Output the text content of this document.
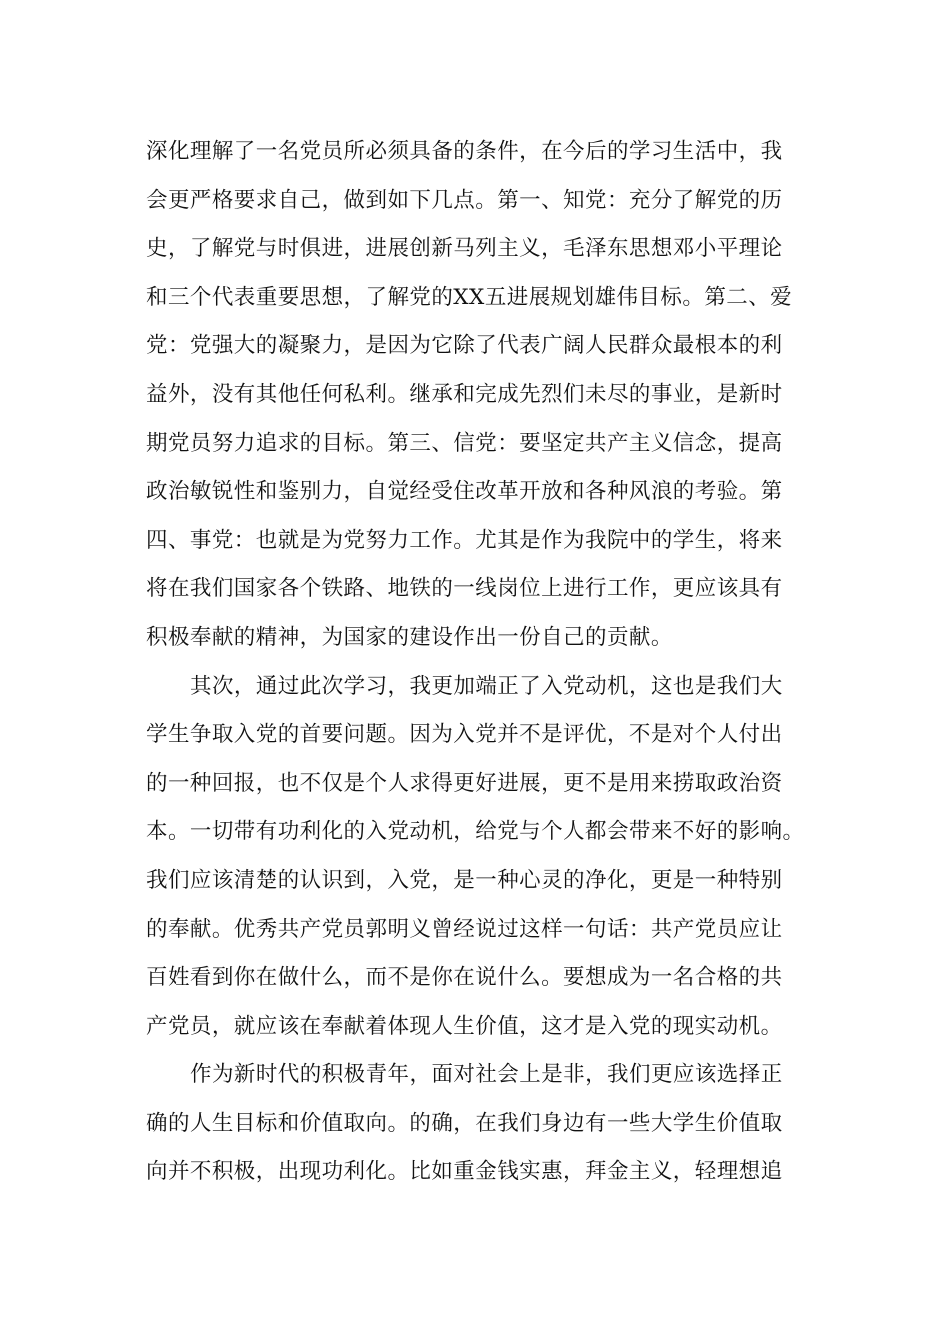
深化理解了一名党员所必须具备的条件，在今后的学习生活中，我
会更严格要求自己，做到如下几点。第一、知党：充分了解党的历
史，了解党与时俱进，进展创新马列主义，毛泽东思想邓小平理论
和三个代表重要思想，了解党的XX五进展规划雄伟目标。第二、爱
党：党强大的凝聚力，是因为它除了代表广阔人民群众最根本的利
益外，没有其他任何私利。继承和完成先烈们未尽的事业，是新时
期党员努力追求的目标。第三、信党：要坚定共产主义信念，提高
政治敏锐性和鉴别力，自觉经受住改革开放和各种风浪的考验。第
四、事党：也就是为党努力工作。尤其是作为我院中的学生，将来
将在我们国家各个铁路、地铁的一线岗位上进行工作，更应该具有
积极奉献的精神，为国家的建设作出一份自己的贡献。
其次，通过此次学习，我更加端正了入党动机，这也是我们大
学生争取入党的首要问题。因为入党并不是评优，不是对个人付出
的一种回报，也不仅是个人求得更好进展，更不是用来捞取政治资
本。一切带有功利化的入党动机，给党与个人都会带来不好的影响。
我们应该清楚的认识到，入党，是一种心灵的净化，更是一种特别
的奉献。优秀共产党员郭明义曾经说过这样一句话：共产党员应让
百姓看到你在做什么，而不是你在说什么。要想成为一名合格的共
产党员，就应该在奉献着体现人生价值，这才是入党的现实动机。
作为新时代的积极青年，面对社会上是非，我们更应该选择正
确的人生目标和价值取向。的确，在我们身边有一些大学生价值取
向并不积极，出现功利化。比如重金钱实惠，拜金主义，轻理想追
